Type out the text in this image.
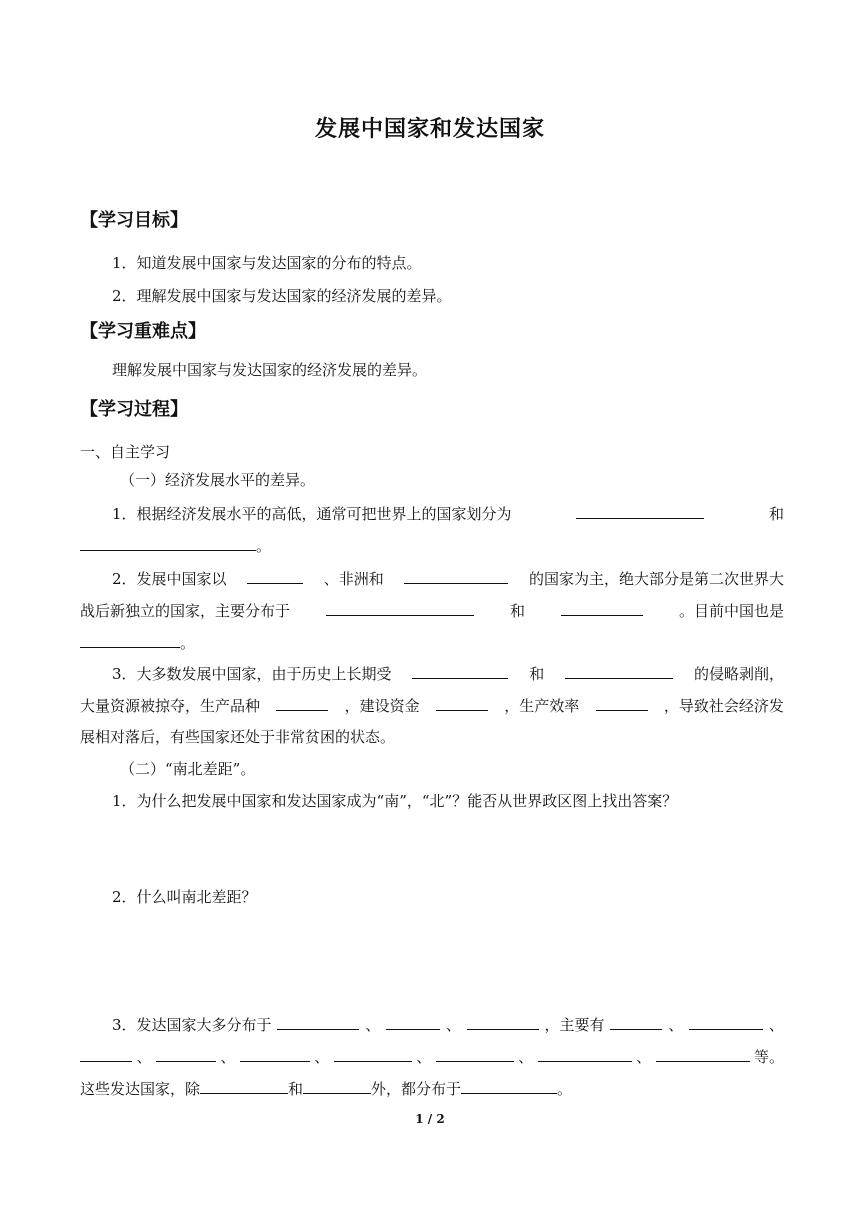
发展中国家和发达国家
【学习目标】
1．知道发展中国家与发达国家的分布的特点。
2．理解发展中国家与发达国家的经济发展的差异。
【学习重难点】
理解发展中国家与发达国家的经济发展的差异。
【学习过程】
一、自主学习
（一）经济发展水平的差异。
1．根据经济发展水平的高低，通常可把世界上的国家划分为	和
。
2．发展中国家以	、非洲和	的国家为主，绝大部分是第二次世界大
战后新独立的国家，主要分布于	和	。目前中国也是
。
3．大多数发展中国家，由于历史上长期受	和	的侵略剥削，
大量资源被掠夺，生产品种	，建设资金	，生产效率	，导致社会经济发
展相对落后，有些国家还处于非常贫困的状态。
（二）“南北差距”。
1．为什么把发展中国家和发达国家成为“南”，“北”？能否从世界政区图上找出答案？
2．什么叫南北差距？
3．发达国家大多分布于	、	、	，主要有	、	、
、	、	、	、	、	、	等。
这些发达国家，除	和	外，都分布于	。
1 / 2
